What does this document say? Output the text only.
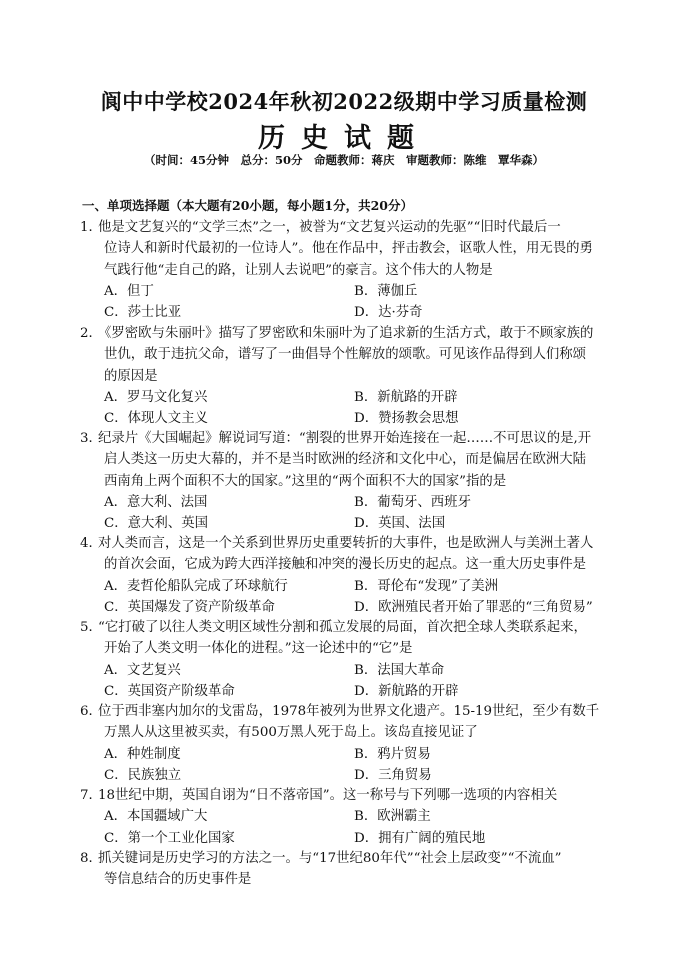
阆中中学校2024年秋初2022级期中学习质量检测
历史试题
（时间：45分钟　总分：50分　命题教师：蒋庆　审题教师：陈维　覃华森）
一、单项选择题（本大题有20小题，每小题1分，共20分）
1．他是文艺复兴的“文学三杰”之一，被誉为“文艺复兴运动的先驱”“旧时代最后一
位诗人和新时代最初的一位诗人”。他在作品中，抨击教会，讴歌人性，用无畏的勇
气践行他“走自己的路，让别人去说吧”的豪言。这个伟大的人物是
A．但丁	B．薄伽丘
C．莎士比亚	D．达·芬奇
2．《罗密欧与朱丽叶》描写了罗密欧和朱丽叶为了追求新的生活方式，敢于不顾家族的
世仇，敢于违抗父命，谱写了一曲倡导个性解放的颂歌。可见该作品得到人们称颂
的原因是
A．罗马文化复兴	B．新航路的开辟
C．体现人文主义	D．赞扬教会思想
3．纪录片《大国崛起》解说词写道：“割裂的世界开始连接在一起……不可思议的是,开
启人类这一历史大幕的，并不是当时欧洲的经济和文化中心，而是偏居在欧洲大陆
西南角上两个面积不大的国家。”这里的“两个面积不大的国家”指的是
A．意大利、法国	B．葡萄牙、西班牙
C．意大利、英国	D．英国、法国
4．对人类而言，这是一个关系到世界历史重要转折的大事件，也是欧洲人与美洲土著人
的首次会面，它成为跨大西洋接触和冲突的漫长历史的起点。这一重大历史事件是
A．麦哲伦船队完成了环球航行	B．哥伦布“发现”了美洲
C．英国爆发了资产阶级革命	D．欧洲殖民者开始了罪恶的“三角贸易”
5．“它打破了以往人类文明区域性分割和孤立发展的局面，首次把全球人类联系起来，
开始了人类文明一体化的进程。”这一论述中的“它”是
A．文艺复兴	B．法国大革命
C．英国资产阶级革命	D．新航路的开辟
6．位于西非塞内加尔的戈雷岛，1978年被列为世界文化遗产。15-19世纪，至少有数千
万黑人从这里被买卖，有500万黑人死于岛上。该岛直接见证了
A．种姓制度	B．鸦片贸易
C．民族独立	D．三角贸易
7．18世纪中期，英国自诩为“日不落帝国”。这一称号与下列哪一选项的内容相关
A．本国疆域广大	B．欧洲霸主
C．第一个工业化国家	D．拥有广阔的殖民地
8．抓关键词是历史学习的方法之一。与“17世纪80年代”“社会上层政变”“不流血”
等信息结合的历史事件是
